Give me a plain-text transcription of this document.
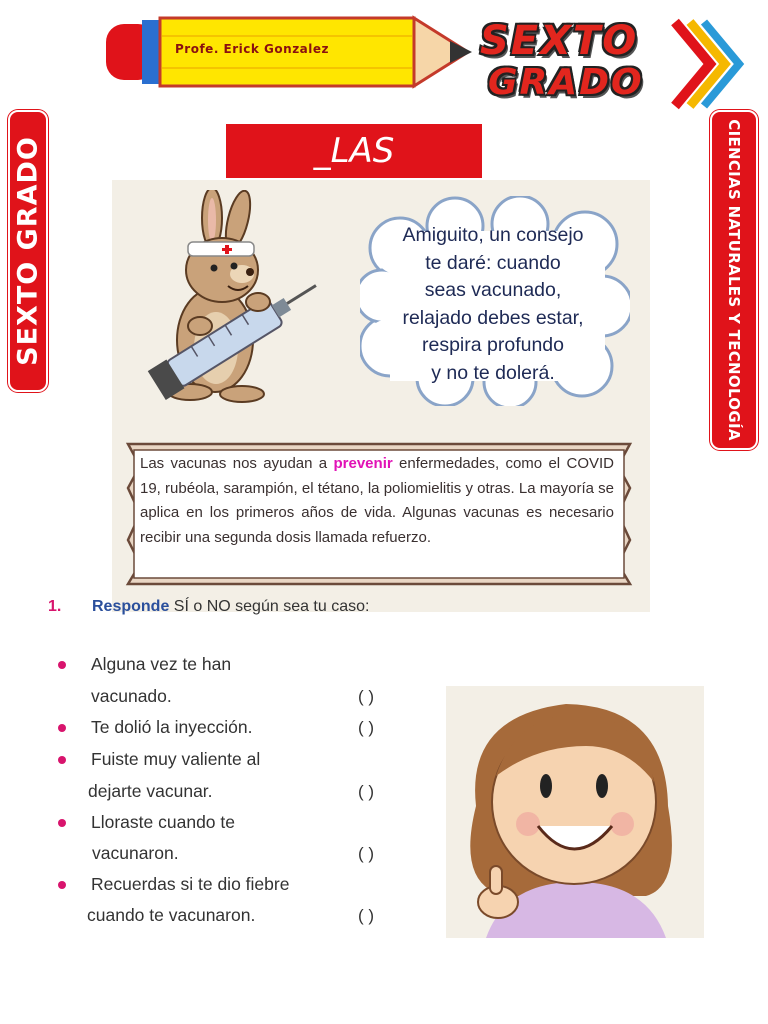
Profe. Erick Gonzalez	SEXTO
GRADO
SEXTO GRADO	CIENCIAS NATURALES Y TECNOLOGÍA
_LAS
Amiguito, un consejo
te daré: cuando
seas vacunado,
relajado debes estar,
respira profundo
y no te dolerá.
Las vacunas nos ayudan a prevenir enfermedades, como el COVID 19, rubéola, sarampión, el tétano, la poliomielitis y otras. La mayoría se aplica en los primeros años de vida. Algunas vacunas es necesario recibir una segunda dosis llamada refuerzo.
1. Responde SÍ o NO según sea tu caso:
Alguna vez te han
vacunado.	( )
Te dolió la inyección.	( )
Fuiste muy valiente al
dejarte vacunar.	( )
Lloraste cuando te
vacunaron.	( )
Recuerdas si te dio fiebre
cuando te vacunaron.	( )
